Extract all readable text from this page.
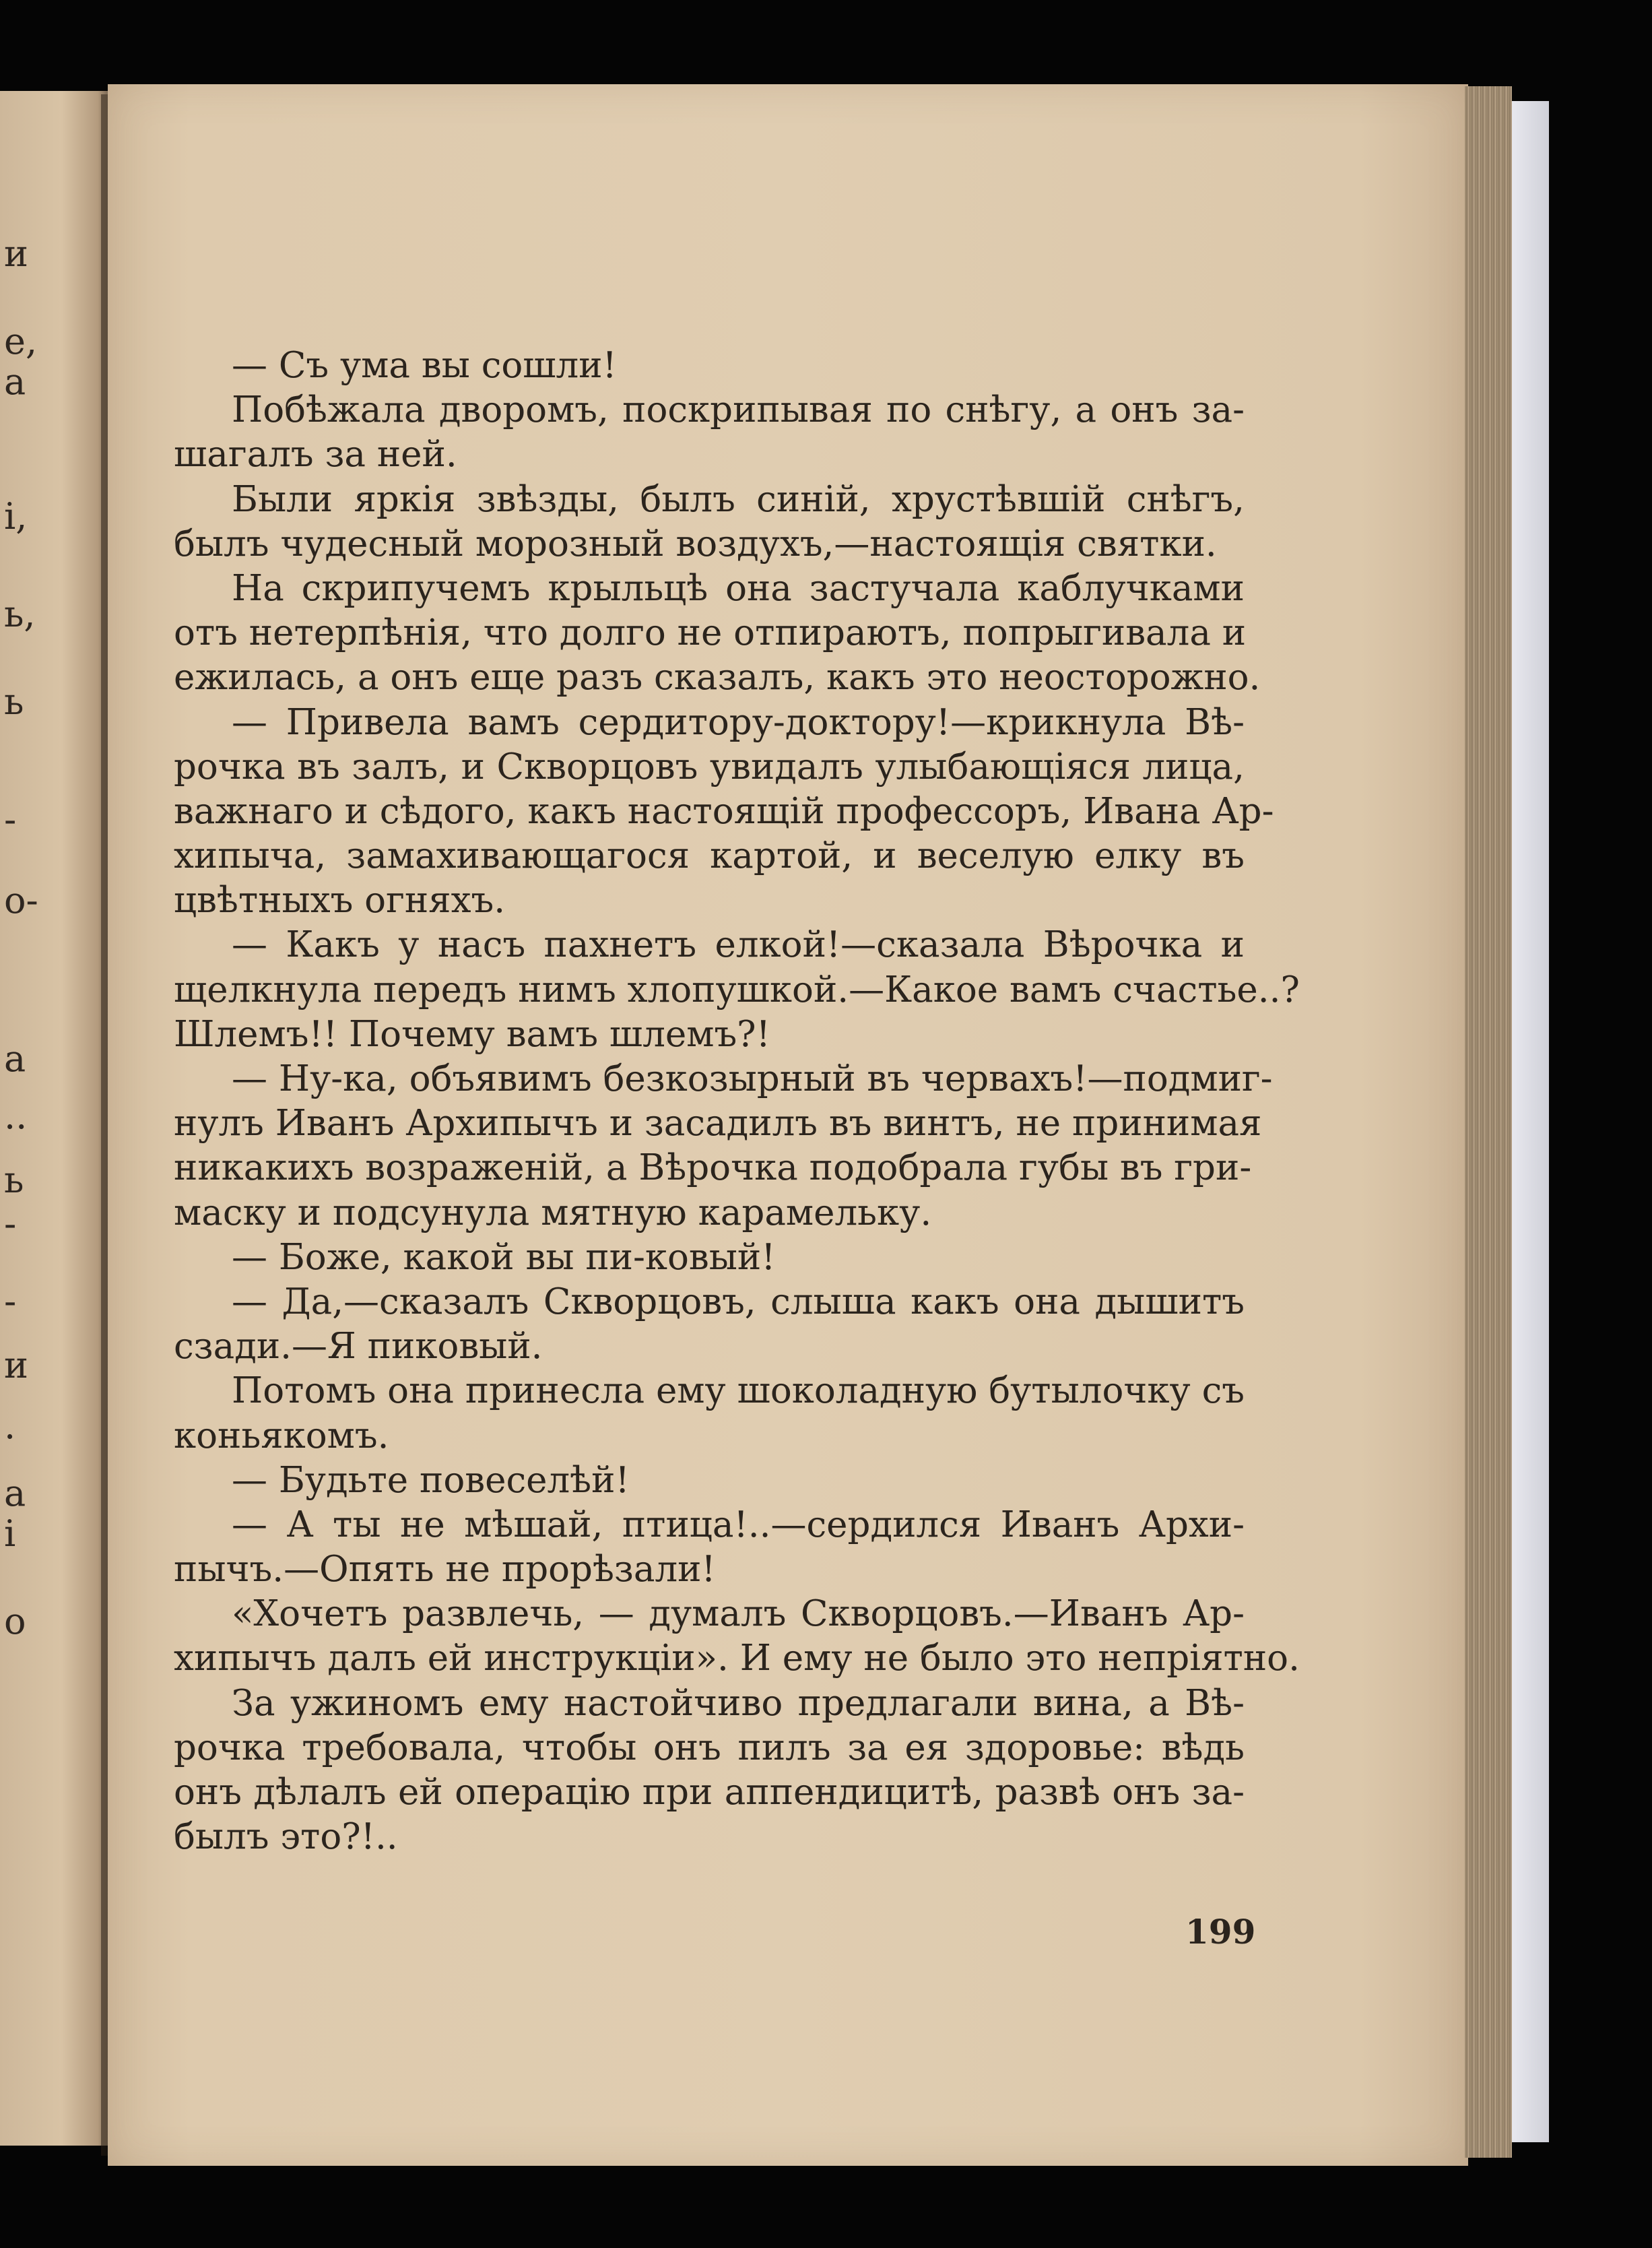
и
е,
а
і,
ь,
ь
-
о-
а
..
ь
-
-
и
.
а
і
о
— Съ ума вы сошли!
Побѣжала дворомъ, поскрипывая по снѣгу, а онъ за-
шагалъ за ней.
Были яркія звѣзды, былъ синій, хрустѣвшій снѣгъ,
былъ чудесный морозный воздухъ,—настоящія святки.
На скрипучемъ крыльцѣ она застучала каблучками
отъ нетерпѣнія, что долго не отпираютъ, попрыгивала и
ежилась, а онъ еще разъ сказалъ, какъ это неосторожно.
— Привела вамъ сердитору-доктору!—крикнула Вѣ-
рочка въ залъ, и Скворцовъ увидалъ улыбающіяся лица,
важнаго и сѣдого, какъ настоящій профессоръ, Ивана Ар-
хипыча, замахивающагося картой, и веселую елку въ
цвѣтныхъ огняхъ.
— Какъ у насъ пахнетъ елкой!—сказала Вѣрочка и
щелкнула передъ нимъ хлопушкой.—Какое вамъ счастье..?
Шлемъ!! Почему вамъ шлемъ?!
— Ну-ка, объявимъ безкозырный въ червахъ!—подмиг-
нулъ Иванъ Архипычъ и засадилъ въ винтъ, не принимая
никакихъ возраженій, а Вѣрочка подобрала губы въ гри-
маску и подсунула мятную карамельку.
— Боже, какой вы пи-ковый!
— Да,—сказалъ Скворцовъ, слыша какъ она дышитъ
сзади.—Я пиковый.
Потомъ она принесла ему шоколадную бутылочку съ
коньякомъ.
— Будьте повеселѣй!
— А ты не мѣшай, птица!..—сердился Иванъ Архи-
пычъ.—Опять не прорѣзали!
«Хочетъ развлечь, — думалъ Скворцовъ.—Иванъ Ар-
хипычъ далъ ей инструкціи». И ему не было это непріятно.
За ужиномъ ему настойчиво предлагали вина, а Вѣ-
рочка требовала, чтобы онъ пилъ за ея здоровье: вѣдь
онъ дѣлалъ ей операцію при аппендицитѣ, развѣ онъ за-
былъ это?!..
199
